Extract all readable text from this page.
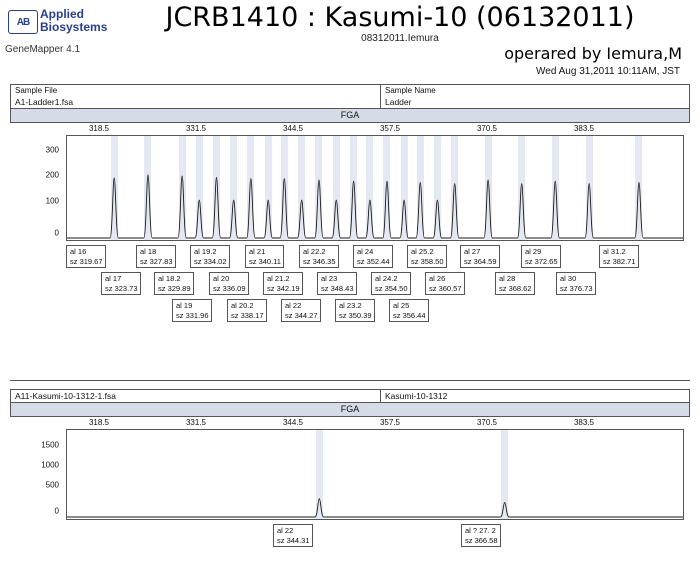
AB
Applied
Biosystems
GeneMapper 4.1
JCRB1410 : Kasumi-10 (06132011)
08312011.Iemura
operared by Iemura,M
Wed Aug 31,2011 10:11AM, JST
Sample File	Sample Name
A1-Ladder1.fsa	Ladder
FGA
318.5	331.5	344.5	357.5	370.5	383.5
300
200
100
0
al 16
sz 319.67
al 17
sz 323.73
al 18
sz 327.83
al 18.2
sz 329.89
al 19
sz 331.96
al 19.2
sz 334.02
al 20
sz 336.09
al 20.2
sz 338.17
al 21
sz 340.11
al 21.2
sz 342.19
al 22
sz 344.27
al 22.2
sz 346.35
al 23
sz 348.43
al 23.2
sz 350.39
al 24
sz 352.44
al 24.2
sz 354.50
al 25
sz 356.44
al 25.2
sz 358.50
al 26
sz 360.57
al 27
sz 364.59
al 28
sz 368.62
al 29
sz 372.65
al 30
sz 376.73
al 31.2
sz 382.71
A11-Kasumi-10-1312-1.fsa	Kasumi-10-1312
FGA
318.5	331.5	344.5	357.5	370.5	383.5
1500
1000
500
0
al 22
sz 344.31
al ? 27. 2
sz 366.58
